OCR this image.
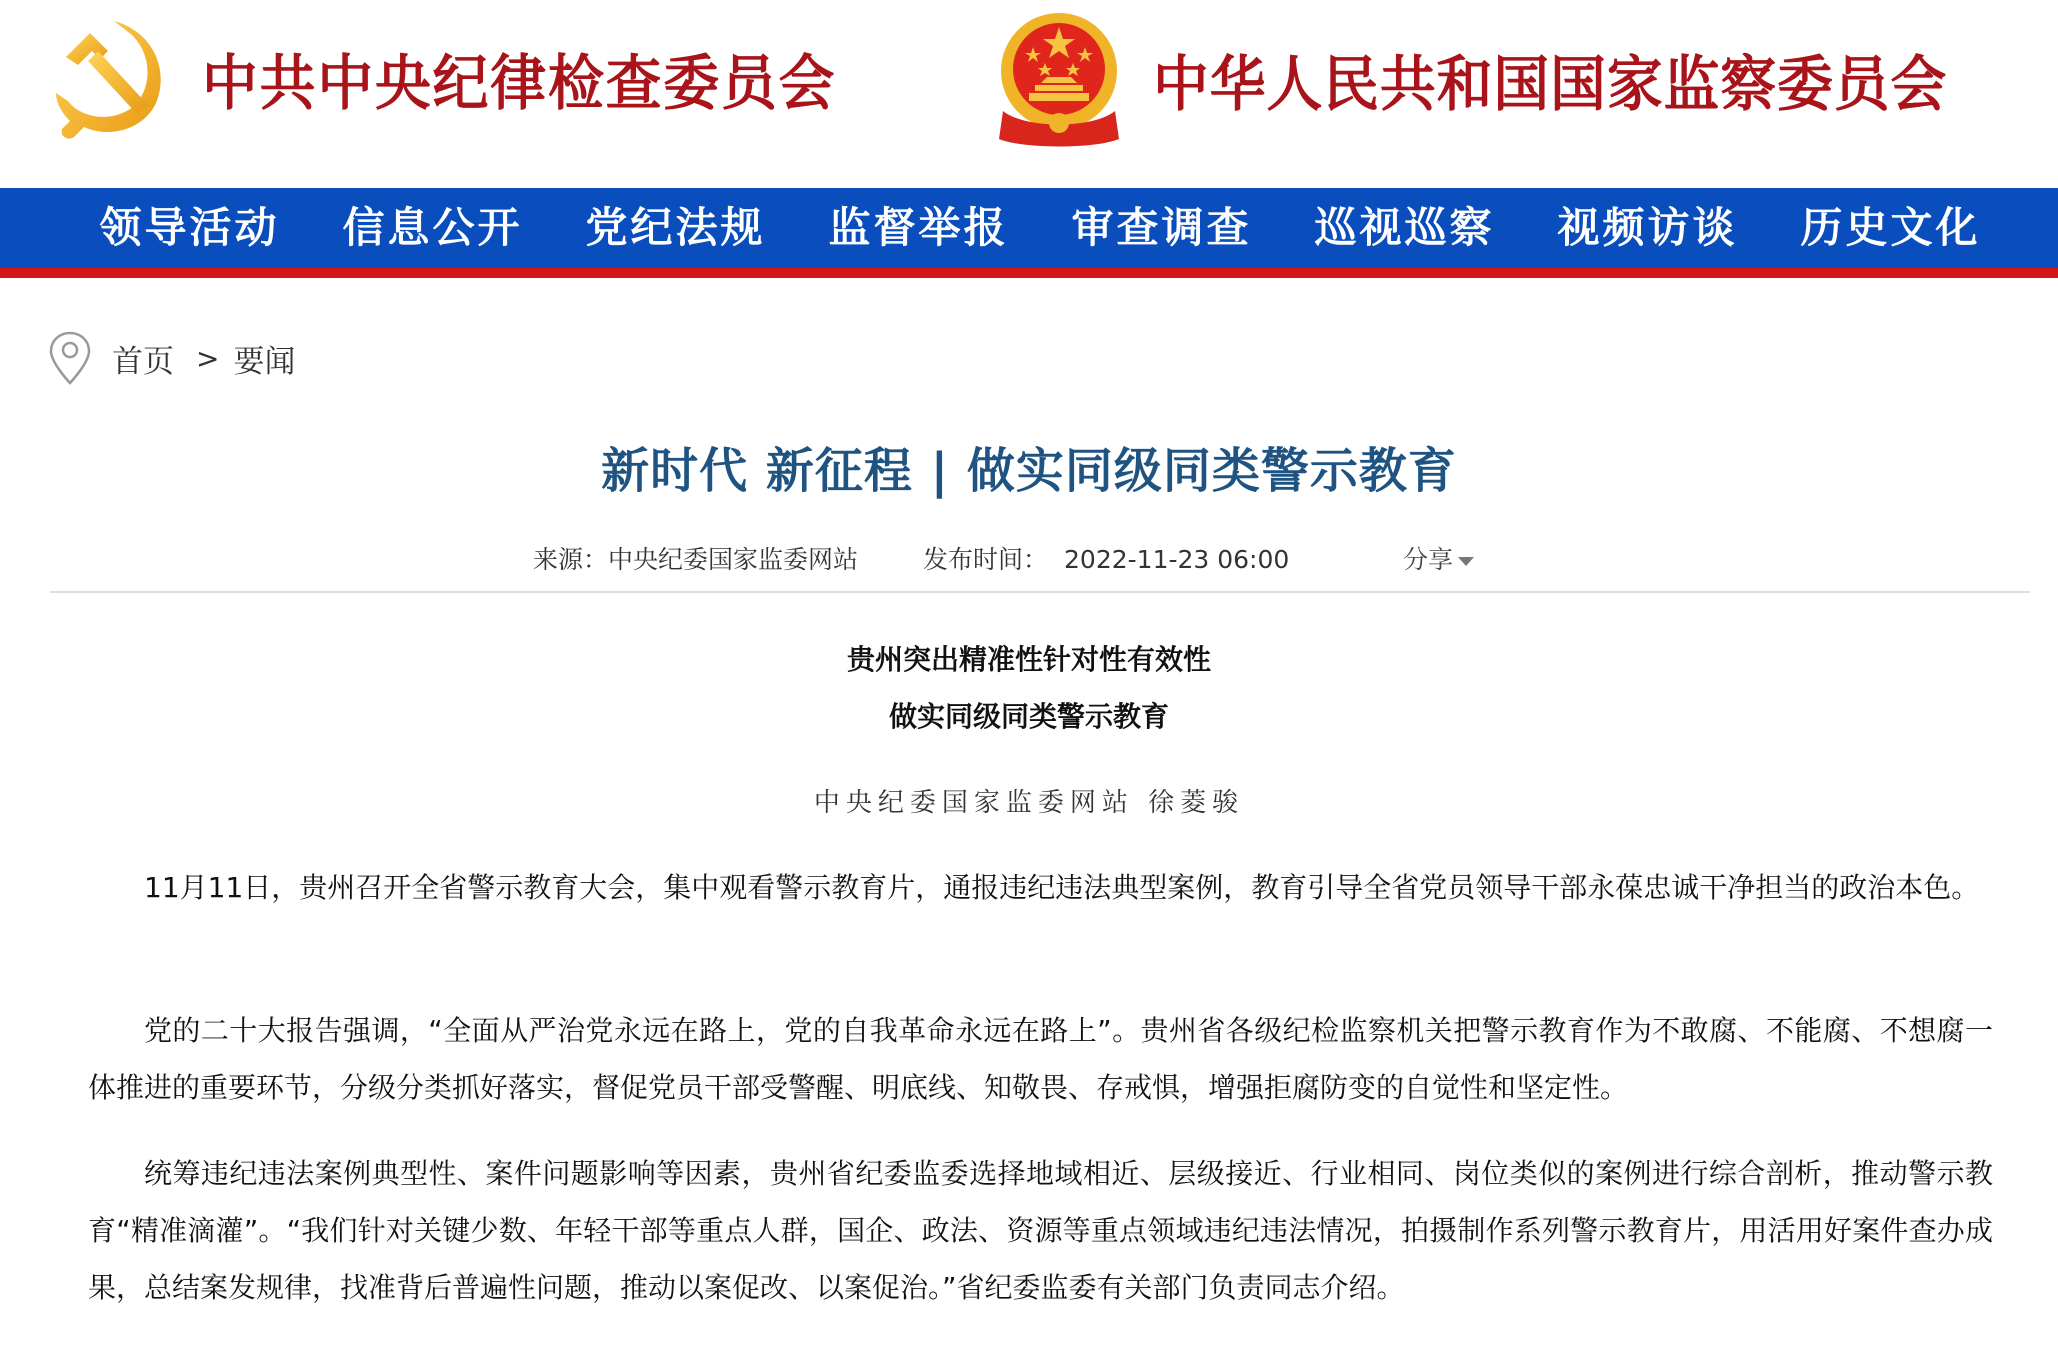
中共中央纪律检查委员会	中华人民共和国国家监察委员会
领导活动	信息公开	党纪法规	监督举报	审查调查	巡视巡察	视频访谈	历史文化
首页 > 要闻
新时代 新征程 | 做实同级同类警示教育
来源：中央纪委国家监委网站	发布时间： 2022-11-23 06:00	分享
贵州突出精准性针对性有效性
做实同级同类警示教育
中央纪委国家监委网站 徐菱骏

11月11日，贵州召开全省警示教育大会，集中观看警示教育片，通报违纪违法典型案例，教育引导全省党员领导干部永葆忠诚干净担当的政治本色。

党的二十大报告强调，“全面从严治党永远在路上，党的自我革命永远在路上”。贵州省各级纪检监察机关把警示教育作为不敢腐、不能腐、不想腐一体推进的重要环节，分级分类抓好落实，督促党员干部受警醒、明底线、知敬畏、存戒惧，增强拒腐防变的自觉性和坚定性。

统筹违纪违法案例典型性、案件问题影响等因素，贵州省纪委监委选择地域相近、层级接近、行业相同、岗位类似的案例进行综合剖析，推动警示教育“精准滴灌”。“我们针对关键少数、年轻干部等重点人群，国企、政法、资源等重点领域违纪违法情况，拍摄制作系列警示教育片，用活用好案件查办成果，总结案发规律，找准背后普遍性问题，推动以案促改、以案促治。”省纪委监委有关部门负责同志介绍。
